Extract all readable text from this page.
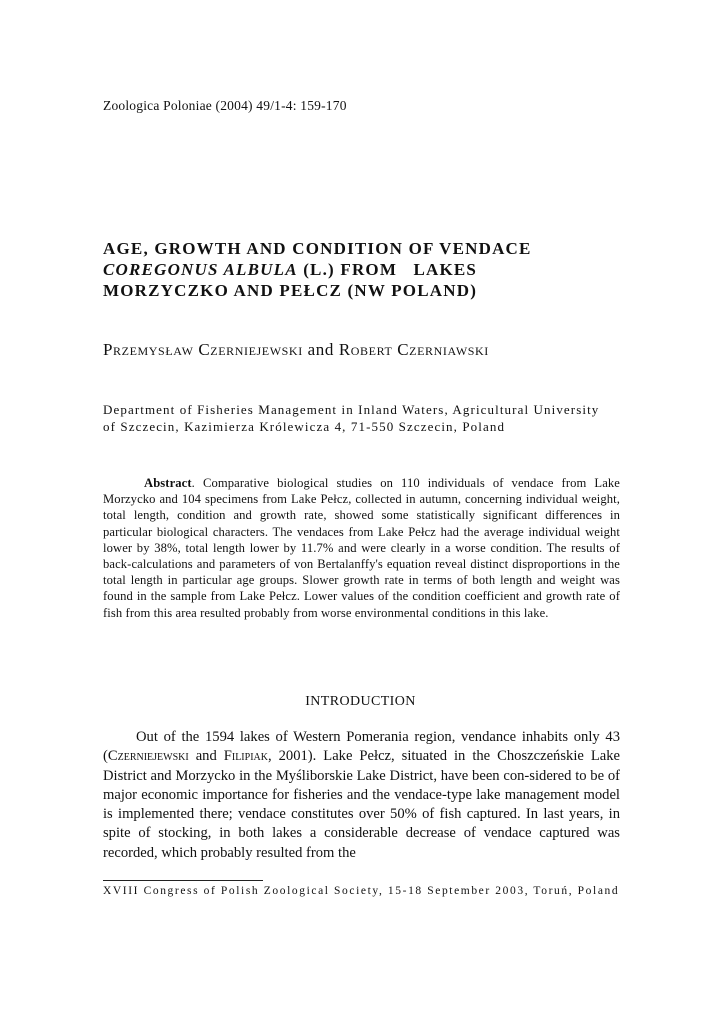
Zoologica Poloniae (2004) 49/1-4: 159-170
AGE, GROWTH AND CONDITION OF VENDACE
COREGONUS ALBULA (L.) FROM   LAKES
MORZYCZKO AND PEŁCZ (NW POLAND)
Przemysław Czerniejewski and Robert Czerniawski
Department of Fisheries Management in Inland Waters, Agricultural University
of Szczecin, Kazimierza Królewicza 4, 71-550 Szczecin, Poland

Abstract. Comparative biological studies on 110 individuals of vendace from Lake Morzycko and 104 specimens from Lake Pełcz, collected in autumn, concerning individual weight, total length, condition and growth rate, showed some statistically significant differences in particular biological characters. The vendaces from Lake Pełcz had the average individual weight lower by 38%, total length lower by 11.7% and were clearly in a worse condition. The results of back-calculations and parameters of von Bertalanffy's equation reveal distinct disproportions in the total length in particular age groups. Slower growth rate in terms of both length and weight was found in the sample from Lake Pełcz. Lower values of the condition coefficient and growth rate of fish from this area resulted probably from worse environmental conditions in this lake.

INTRODUCTION

Out of the 1594 lakes of Western Pomerania region, vendance inhabits only 43 (Czerniejewski and Filipiak, 2001). Lake Pełcz, situated in the Choszczeńskie Lake District and Morzycko in the Myśliborskie Lake District, have been con-sidered to be of major economic importance for fisheries and the vendace-type lake management model is implemented there; vendace constitutes over 50% of fish captured. In last years, in spite of stocking, in both lakes a considerable decrease of vendace captured was recorded, which probably resulted from the

XVIII Congress of Polish Zoological Society, 15-18 September 2003, Toruń, Poland
